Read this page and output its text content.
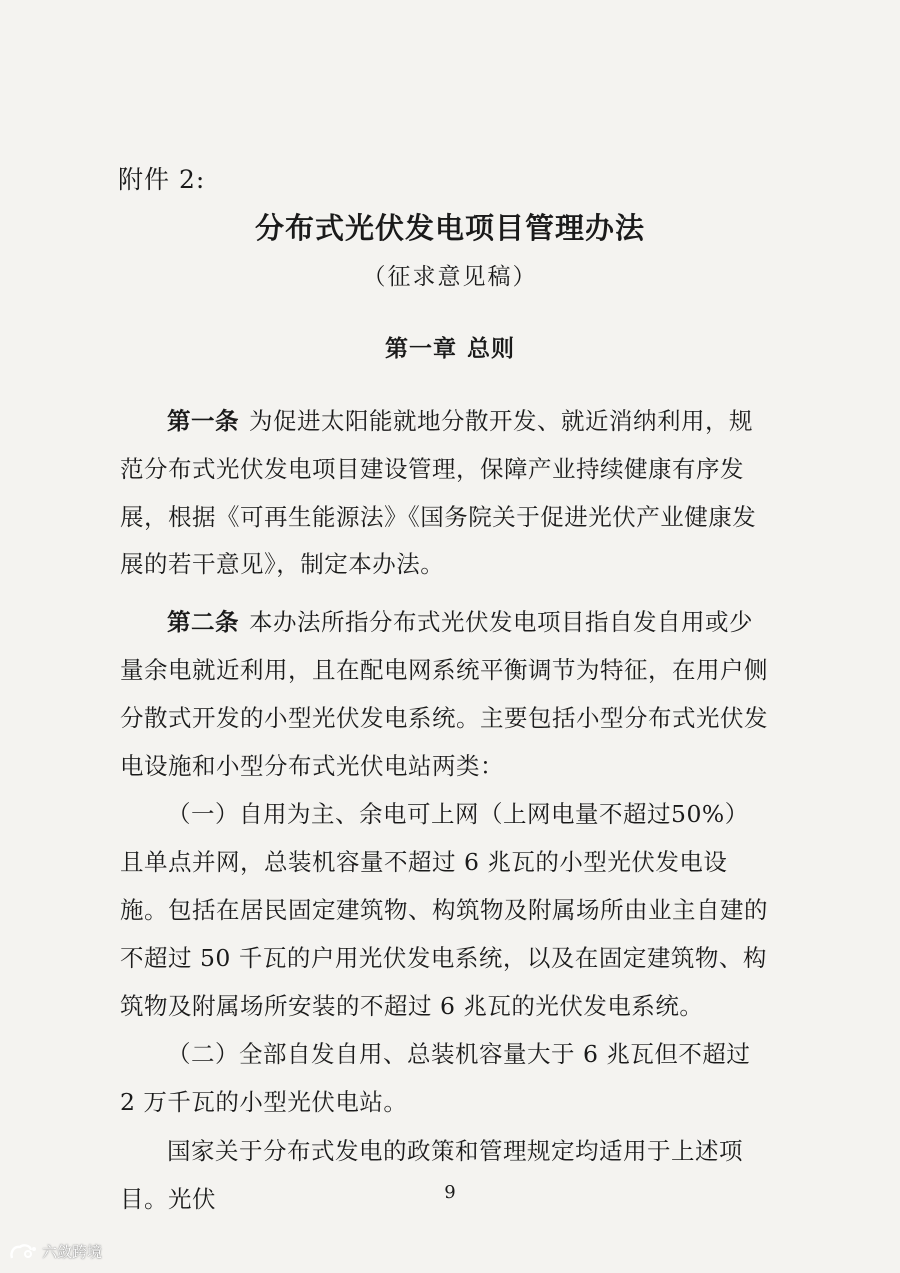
附件 2:
分布式光伏发电项目管理办法
（征求意见稿）
第一章 总则

第一条 为促进太阳能就地分散开发、就近消纳利用，规范分布式光伏发电项目建设管理，保障产业持续健康有序发展，根据《可再生能源法》《国务院关于促进光伏产业健康发展的若干意见》，制定本办法。

第二条 本办法所指分布式光伏发电项目指自发自用或少量余电就近利用，且在配电网系统平衡调节为特征，在用户侧分散式开发的小型光伏发电系统。主要包括小型分布式光伏发电设施和小型分布式光伏电站两类：

（一）自用为主、余电可上网（上网电量不超过50%）且单点并网，总装机容量不超过 6 兆瓦的小型光伏发电设施。包括在居民固定建筑物、构筑物及附属场所由业主自建的不超过 50 千瓦的户用光伏发电系统，以及在固定建筑物、构筑物及附属场所安装的不超过 6 兆瓦的光伏发电系统。

（二）全部自发自用、总装机容量大于 6 兆瓦但不超过 2 万千瓦的小型光伏电站。

国家关于分布式发电的政策和管理规定均适用于上述项目。光伏	9
六敛跨境
